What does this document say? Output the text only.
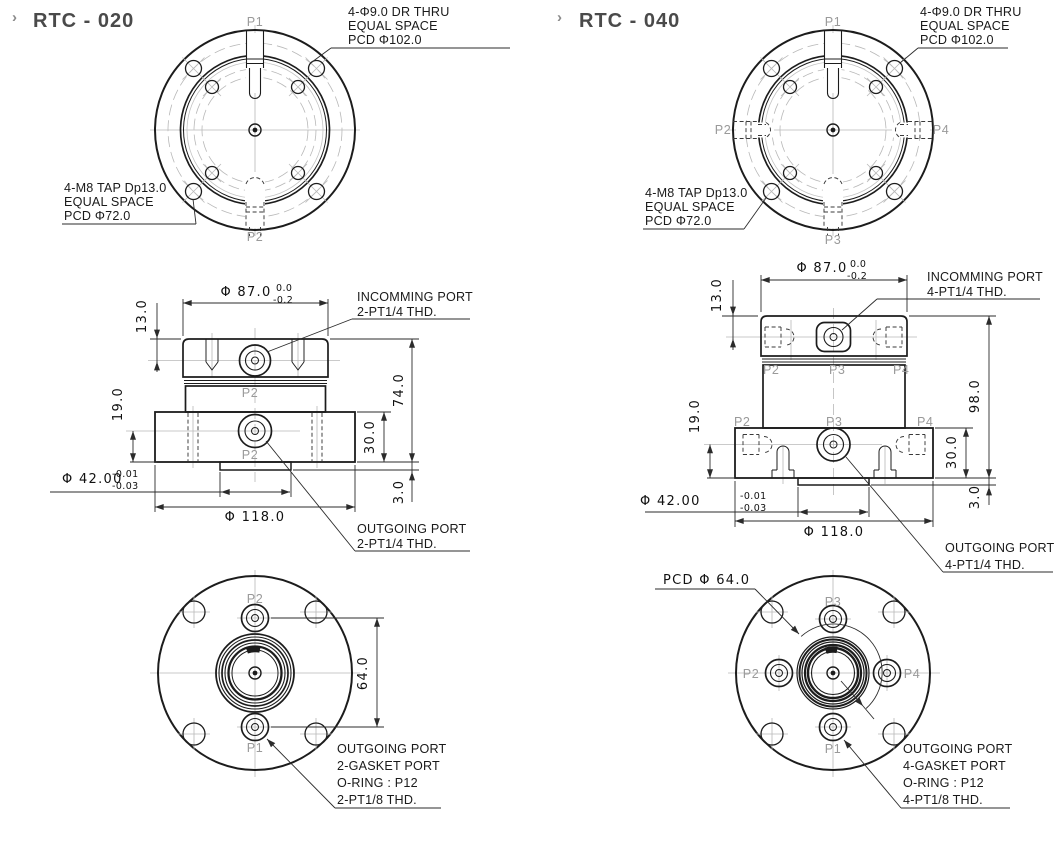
› RTC - 020	P1
P2
4-Φ9.0 DR THRU
EQUAL SPACE
PCD Φ102.0
4-M8 TAP Dp13.0
EQUAL SPACE
PCD Φ72.0
P2
P2
Φ 87.0 0.0
-0.2
13.0
19.0
Φ 42.00
-0.01
-0.03
Φ 118.0
74.0
30.0
3.0
INCOMMING PORT
2-PT1/4 THD.
OUTGOING PORT
2-PT1/4 THD.
P2
P1
64.0
OUTGOING PORT
2-GASKET PORT
O-RING : P12
2-PT1/8 THD.
› RTC - 040	P1
P2	P4
P3
4-Φ9.0 DR THRU
EQUAL SPACE
PCD Φ102.0
4-M8 TAP Dp13.0
EQUAL SPACE
PCD Φ72.0
P2	P3	P4
P2	P3	P4
Φ 87.0 0.0
-0.2
13.0
19.0
Φ 42.00	-0.01
-0.03
Φ 118.0
98.0
30.0
3.0
INCOMMING PORT
4-PT1/4 THD.
OUTGOING PORT
4-PT1/4 THD.
PCD Φ 64.0
P3
P2	P4
P1	OUTGOING PORT
4-GASKET PORT
O-RING : P12
4-PT1/8 THD.
